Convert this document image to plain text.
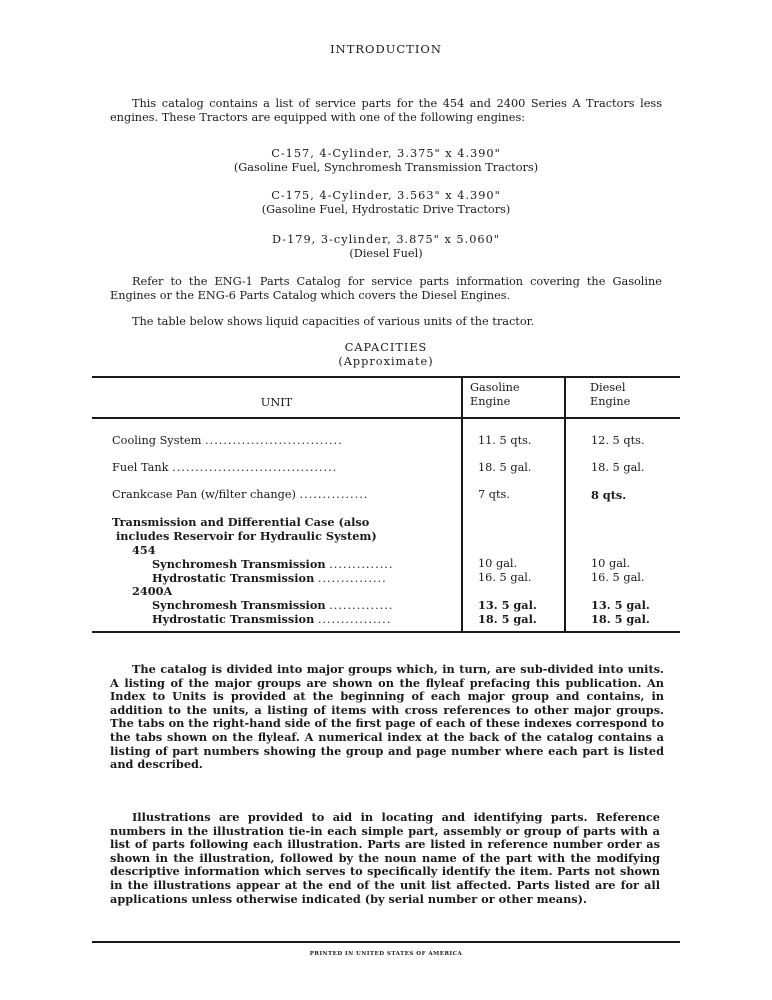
INTRODUCTION
This catalog contains a list of service parts for the 454 and 2400 Series A Tractors less engines. These Tractors are equipped with one of the following engines:
C-157, 4-Cylinder, 3.375" x 4.390"
(Gasoline Fuel, Synchromesh Transmission Tractors)
C-175, 4-Cylinder, 3.563" x 4.390"
(Gasoline Fuel, Hydrostatic Drive Tractors)
D-179, 3-cylinder, 3.875" x 5.060"
(Diesel Fuel)
Refer to the ENG-1 Parts Catalog for service parts information covering the Gasoline Engines or the ENG-6 Parts Catalog which covers the Diesel Engines.
The table below shows liquid capacities of various units of the tractor.
CAPACITIES
(Approximate)
UNIT
Gasoline Engine
Diesel Engine
Cooling System ..............................	11. 5 qts.	12. 5 qts.
Fuel Tank ....................................	18. 5 gal.	18. 5 gal.
Crankcase Pan (w/filter change) ...............	7 qts.	8 qts.
Transmission and Differential Case (also
includes Reservoir for Hydraulic System)
454
Synchromesh Transmission ..............	10 gal.	10 gal.
Hydrostatic Transmission ...............	16. 5 gal.	16. 5 gal.
2400A
Synchromesh Transmission ..............	13. 5 gal.	13. 5 gal.
Hydrostatic Transmission ................	18. 5 gal.	18. 5 gal.
The catalog is divided into major groups which, in turn, are sub-divided into units. A listing of the major groups are shown on the flyleaf prefacing this publication. An Index to Units is provided at the beginning of each major group and contains, in addition to the units, a listing of items with cross references to other major groups. The tabs on the right-hand side of the first page of each of these indexes correspond to the tabs shown on the flyleaf. A numerical index at the back of the catalog contains a listing of part numbers showing the group and page number where each part is listed and described.
Illustrations are provided to aid in locating and identifying parts. Reference numbers in the illustration tie-in each simple part, assembly or group of parts with a list of parts following each illustration. Parts are listed in reference number order as shown in the illustration, followed by the noun name of the part with the modifying descriptive information which serves to specifically identify the item. Parts not shown in the illustrations appear at the end of the unit list affected. Parts listed are for all applications unless otherwise indicated (by serial number or other means).
PRINTED IN UNITED STATES OF AMERICA
